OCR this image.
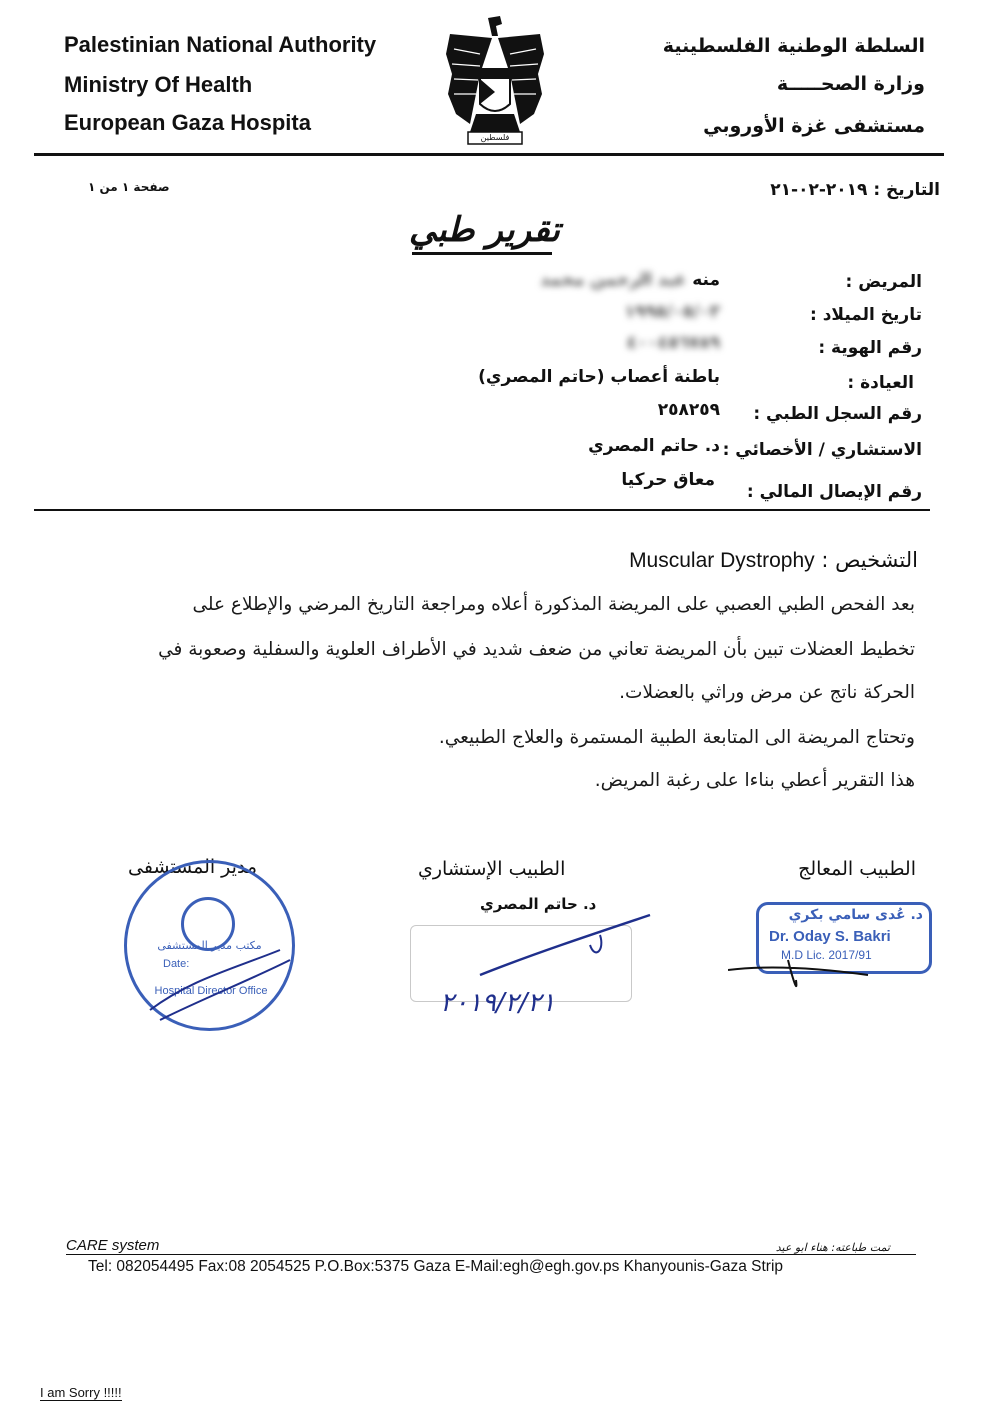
Palestinian National Authority
Ministry Of Health
European Gaza Hospita
السلطة الوطنية الفلسطينية
وزارة الصحـــــة
مستشفى غزة الأوروبي
فلسطين
التاريخ : ٢٠١٩-٠٢-٢١
صفحة ١ من ١
تقرير طبي
المريض :
منه عبد الرحمن محمد
تاريخ الميلاد :
١٩٩٥/٠٥/٠٣
رقم الهوية :
٤٠٠٤٥٦٧٨٩
العيادة :
باطنة أعصاب (حاتم المصري)
رقم السجل الطبي :
٢٥٨٢٥٩
الاستشاري / الأخصائي :
د. حاتم المصري
رقم الإيصال المالي :
معاق حركيا
التشخيص : Muscular Dystrophy
بعد الفحص الطبي العصبي على المريضة المذكورة أعلاه ومراجعة التاريخ المرضي والإطلاع على
تخطيط العضلات تبين بأن المريضة تعاني من ضعف شديد في الأطراف العلوية والسفلية وصعوبة في
الحركة ناتج عن مرض وراثي بالعضلات.
وتحتاج المريضة الى المتابعة الطبية المستمرة والعلاج الطبيعي.
هذا التقرير أعطي بناءا على رغبة المريض.
الطبيب المعالج
الطبيب الإستشاري
مدير المستشفى
د. حاتم المصري
مكتب مدير المستشفى
Date:
Hospital Director Office	٢٠١٩/٢/٢١
د. عُدى سامي بكري
Dr. Oday S. Bakri
M.D Lic. 2017/91
CARE system	تمت طباعته: هناء ابو عيد
Tel: 082054495 Fax:08 2054525 P.O.Box:5375 Gaza E-Mail:egh@egh.gov.ps Khanyounis-Gaza Strip
I am Sorry !!!!!
